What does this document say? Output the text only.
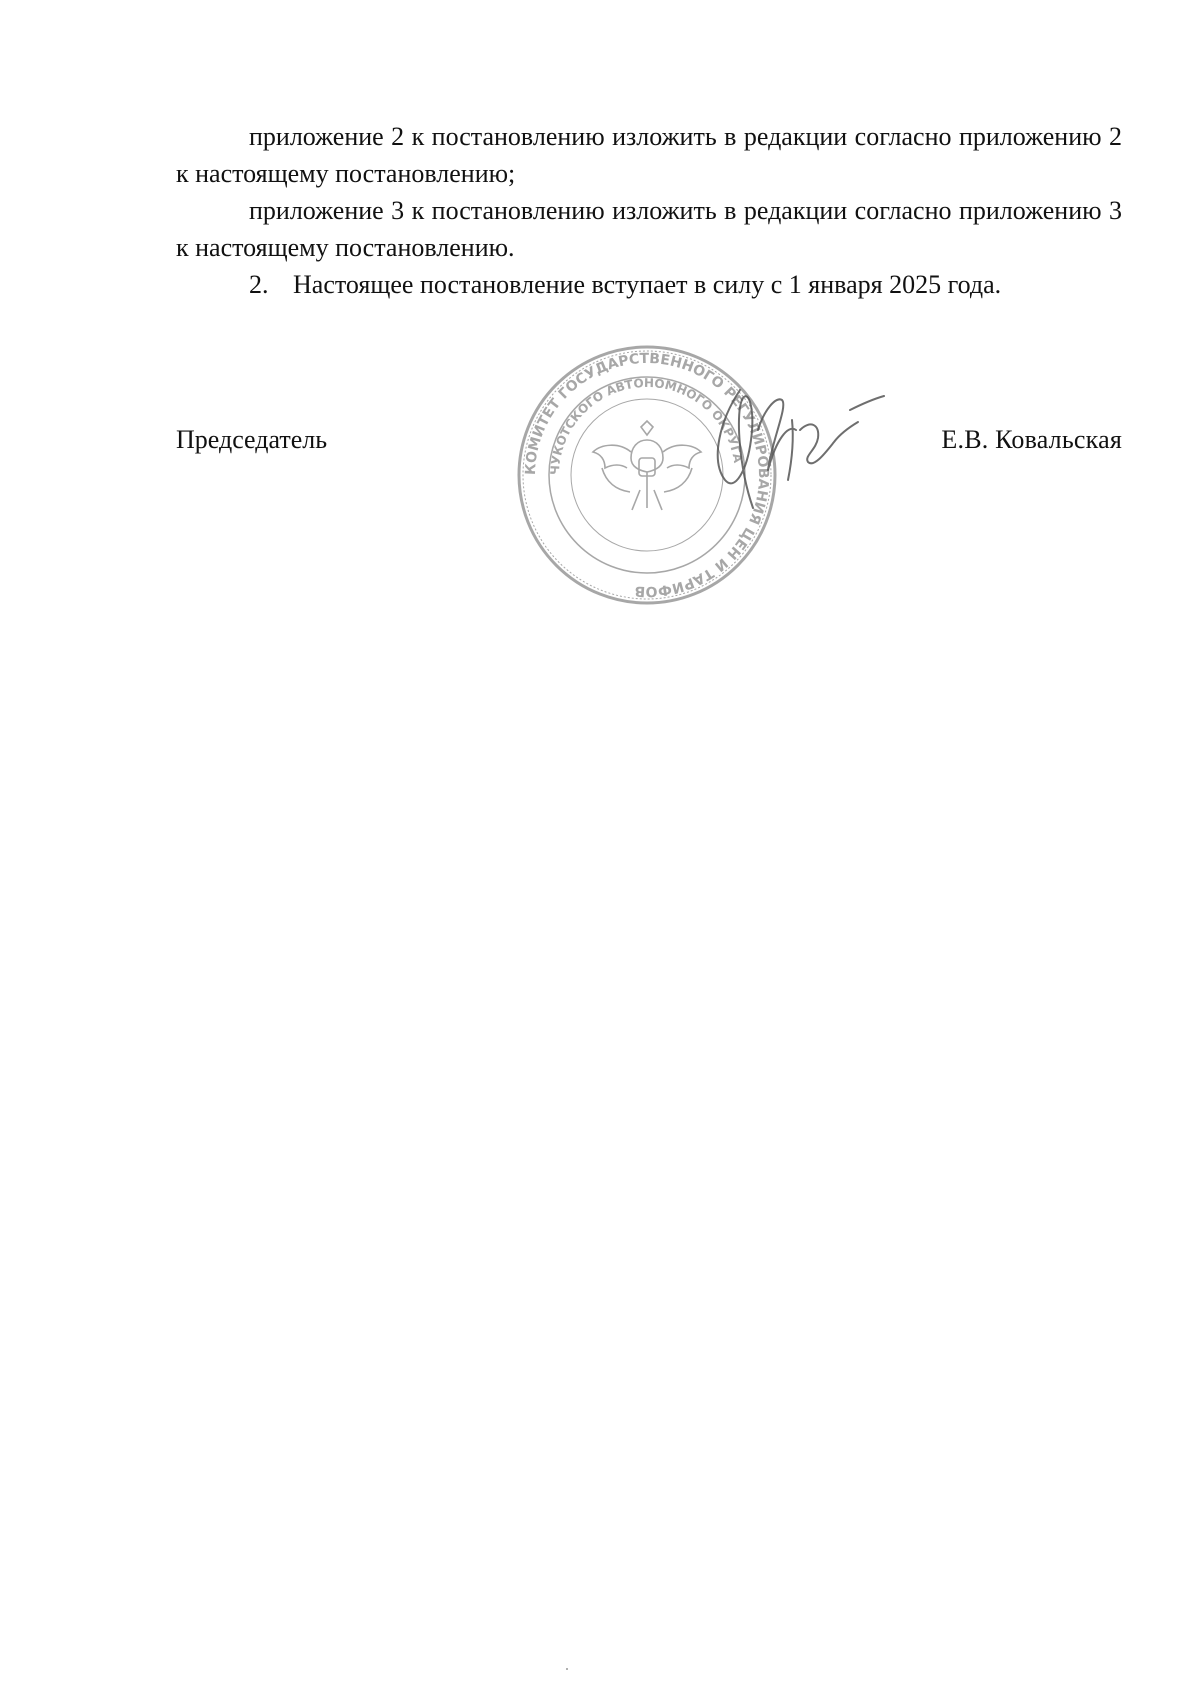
приложение 2 к постановлению изложить в редакции согласно приложению 2 к настоящему постановлению;

приложение 3 к постановлению изложить в редакции согласно приложению 3 к настоящему постановлению.

2. Настоящее постановление вступает в силу с 1 января 2025 года.

Председатель	Е.В. Ковальская
КОМИТЕТ ГОСУДАРСТВЕННОГО РЕГУЛИРОВАНИЯ ЦЕН И ТАРИФОВ
ЧУКОТСКОГО АВТОНОМНОГО ОКРУГА
